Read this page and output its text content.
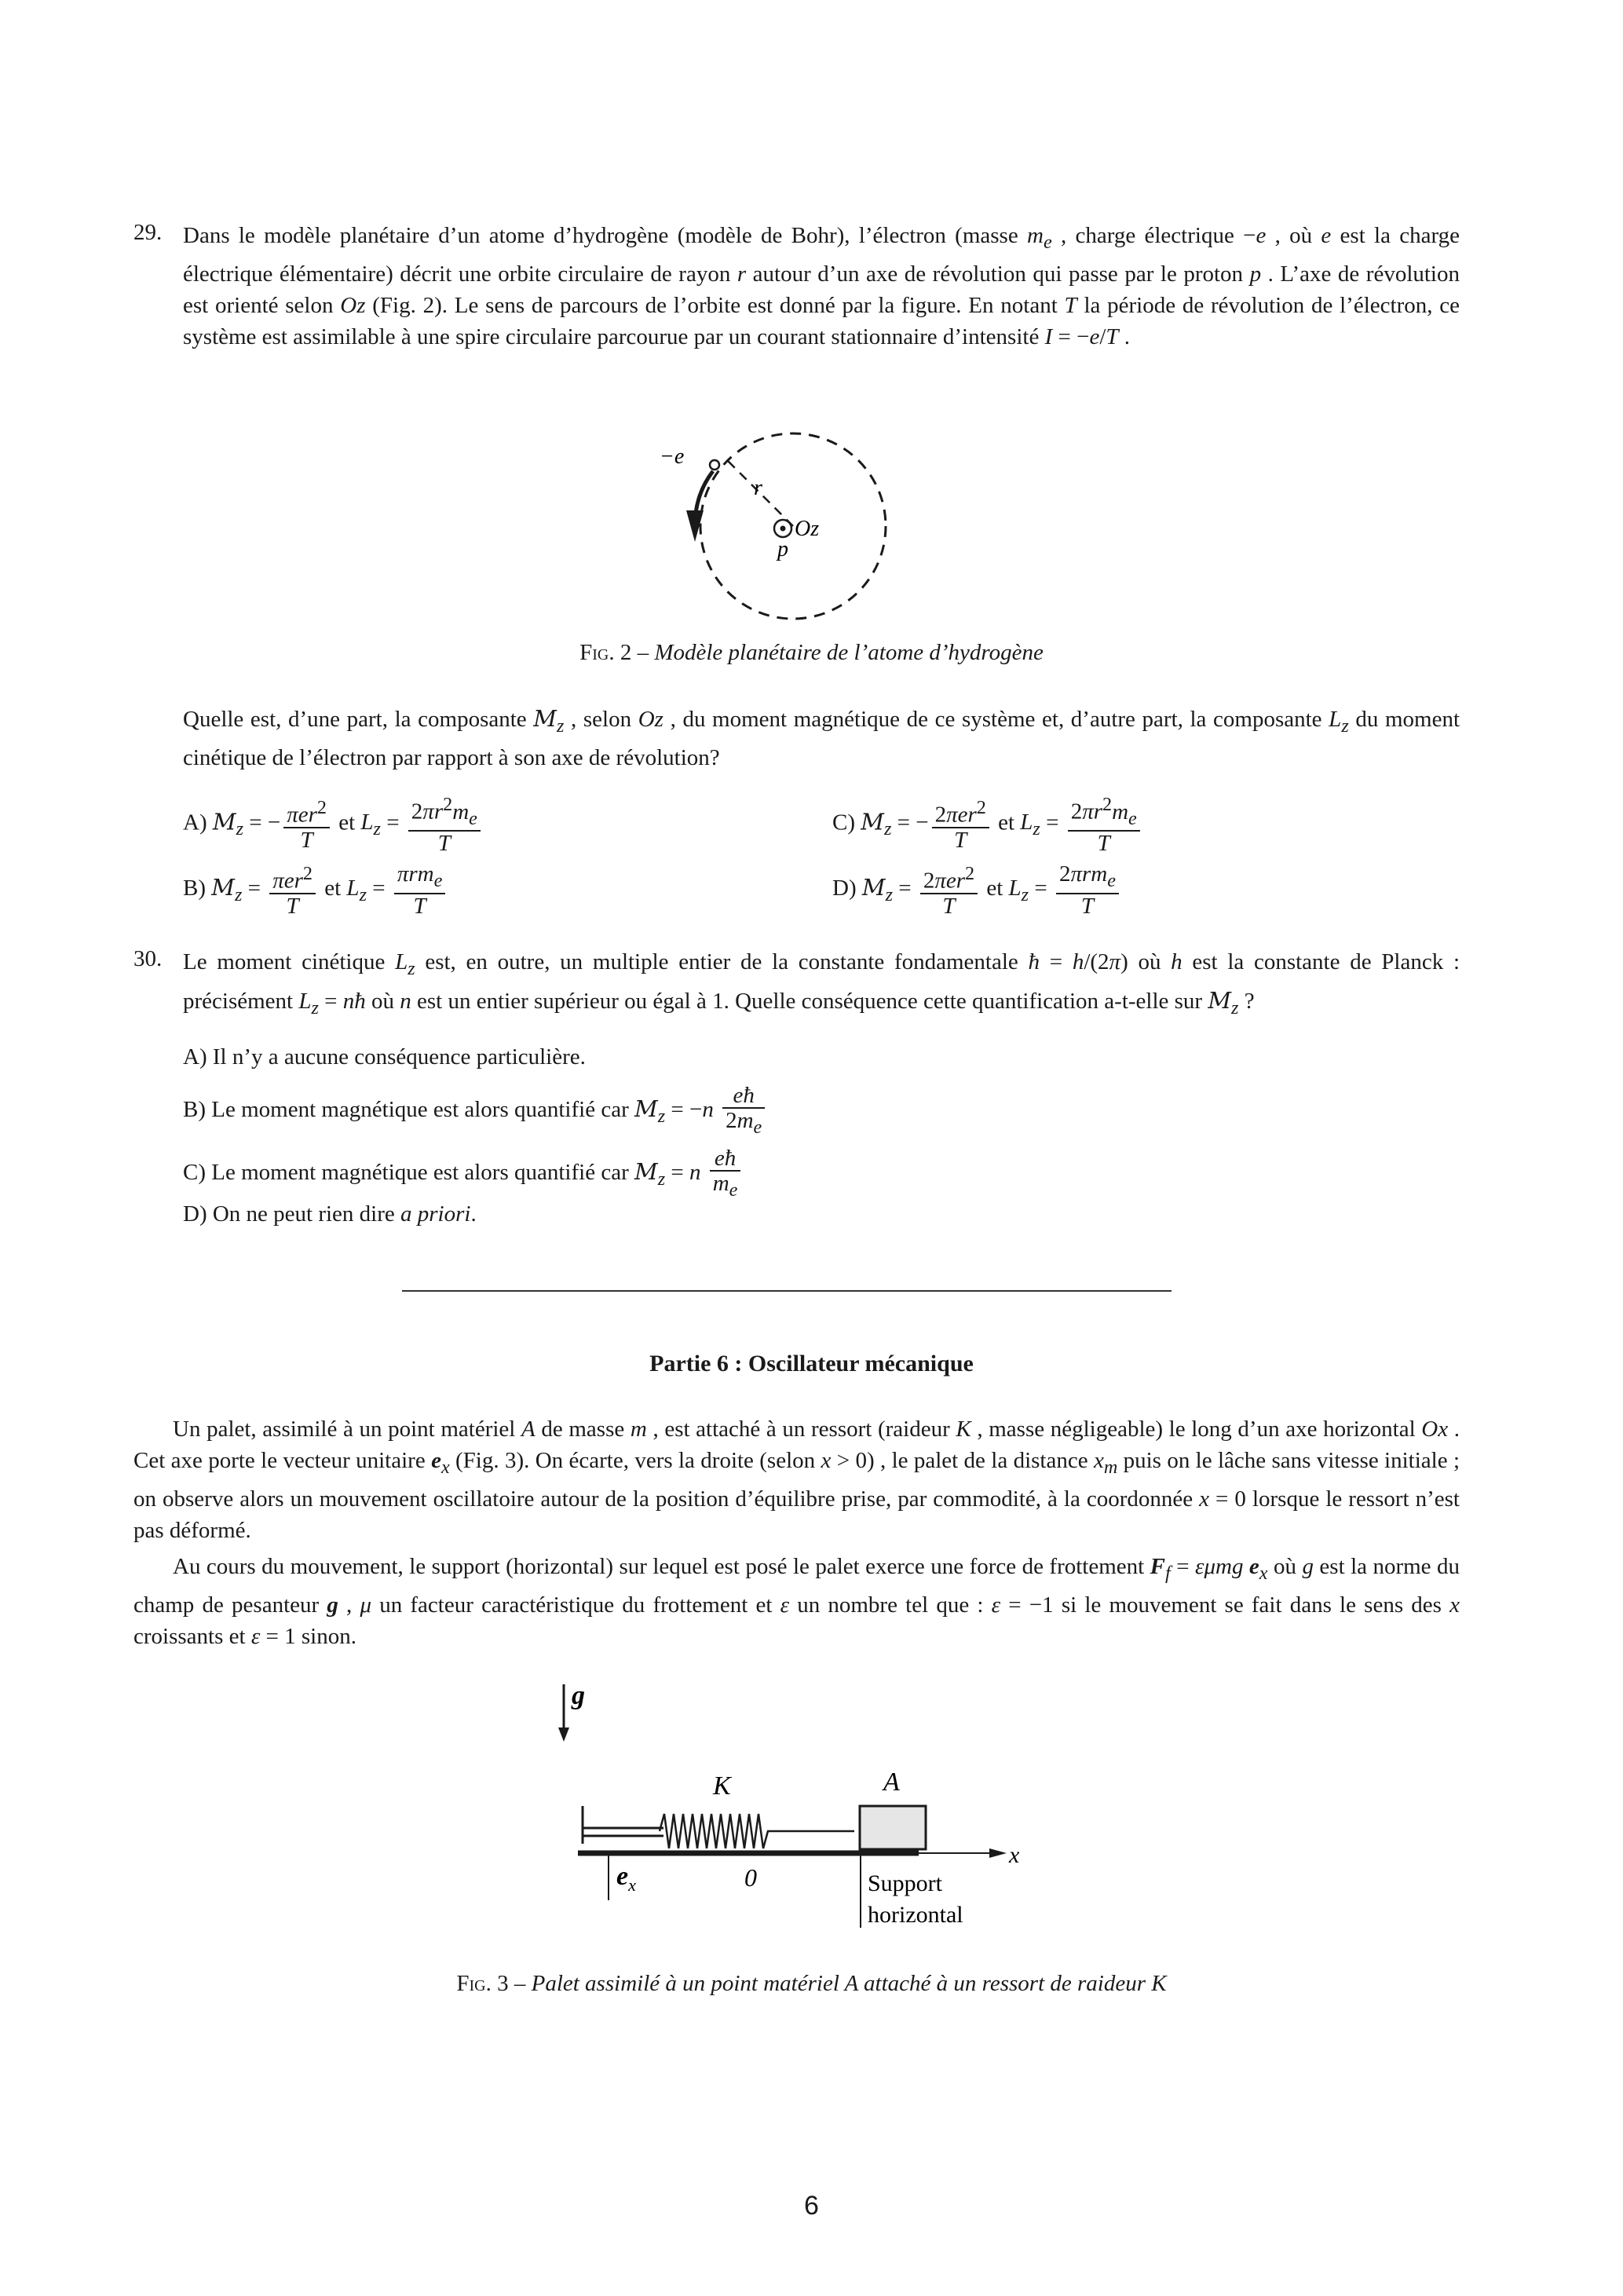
29. Dans le modèle planétaire d’un atome d’hydrogène (modèle de Bohr), l’électron (masse $m_e$ , charge électrique −e , où e est la charge électrique élémentaire) décrit une orbite circulaire de rayon r autour d’un axe de révolution qui passe par le proton p . L’axe de révolution est orienté selon Oz (Fig. 2). Le sens de parcours de l’orbite est donné par la figure. En notant T la période de révolution de l’électron, ce système est assimilable à une spire circulaire parcourue par un courant stationnaire d’intensité I = −e/T .
−e
r
Oz
p
Fig. 2 – Modèle planétaire de l’atome d’hydrogène
Quelle est, d’une part, la composante $M_z$ , selon Oz , du moment magnétique de ce système et, d’autre part, la composante $L_z$ du moment cinétique de l’électron par rapport à son axe de révolution?
A) $M_z$ = − $\frac{\pi er^2}{T}$ et $L_z = \frac{2\pi r^2m_e}{T}$
B) $M_z = \frac{\pi er^2}{T}$ et $L_z = \frac{\pi rm_e}{T}$
C) $M_z$ = − $\frac{2\pi er^2}{T}$ et $L_z = \frac{2\pi r^2m_e}{T}$
D) $M_z = \frac{2\pi er^2}{T}$ et $L_z = \frac{2\pi rm_e}{T}$
30. Le moment cinétique $L_z$ est, en outre, un multiple entier de la constante fondamentale ħ = h/(2π) où h est la constante de Planck : précisément $L_z$ = nħ où n est un entier supérieur ou égal à 1. Quelle conséquence cette quantification a-t-elle sur $M_z$ ?
A) Il n’y a aucune conséquence particulière.
B) Le moment magnétique est alors quantifié car $M_z = -n \frac{eħ}{2m_e}$
C) Le moment magnétique est alors quantifié car $M_z = n \frac{eħ}{m_e}$
D) On ne peut rien dire a priori.
Partie 6 : Oscillateur mécanique
Un palet, assimilé à un point matériel A de masse m , est attaché à un ressort (raideur K , masse négligeable) le long d’un axe horizontal Ox . Cet axe porte le vecteur unitaire $e_x$ (Fig. 3). On écarte, vers la droite (selon x > 0) , le palet de la distance $x_m$ puis on le lâche sans vitesse initiale ; on observe alors un mouvement oscillatoire autour de la position d’équilibre prise, par commodité, à la coordonnée x = 0 lorsque le ressort n’est pas déformé.
Au cours du mouvement, le support (horizontal) sur lequel est posé le palet exerce une force de frottement $F_f = \varepsilon\mu mg$ $e_x$ où g est la norme du champ de pesanteur g , μ un facteur caractéristique du frottement et ε un nombre tel que : ε = −1 si le mouvement se fait dans le sens des x croissants et ε = 1 sinon.
g
x
$e_x$	0	Support
horizontal
K	A
Fig. 3 – Palet assimilé à un point matériel A attaché à un ressort de raideur K
6
